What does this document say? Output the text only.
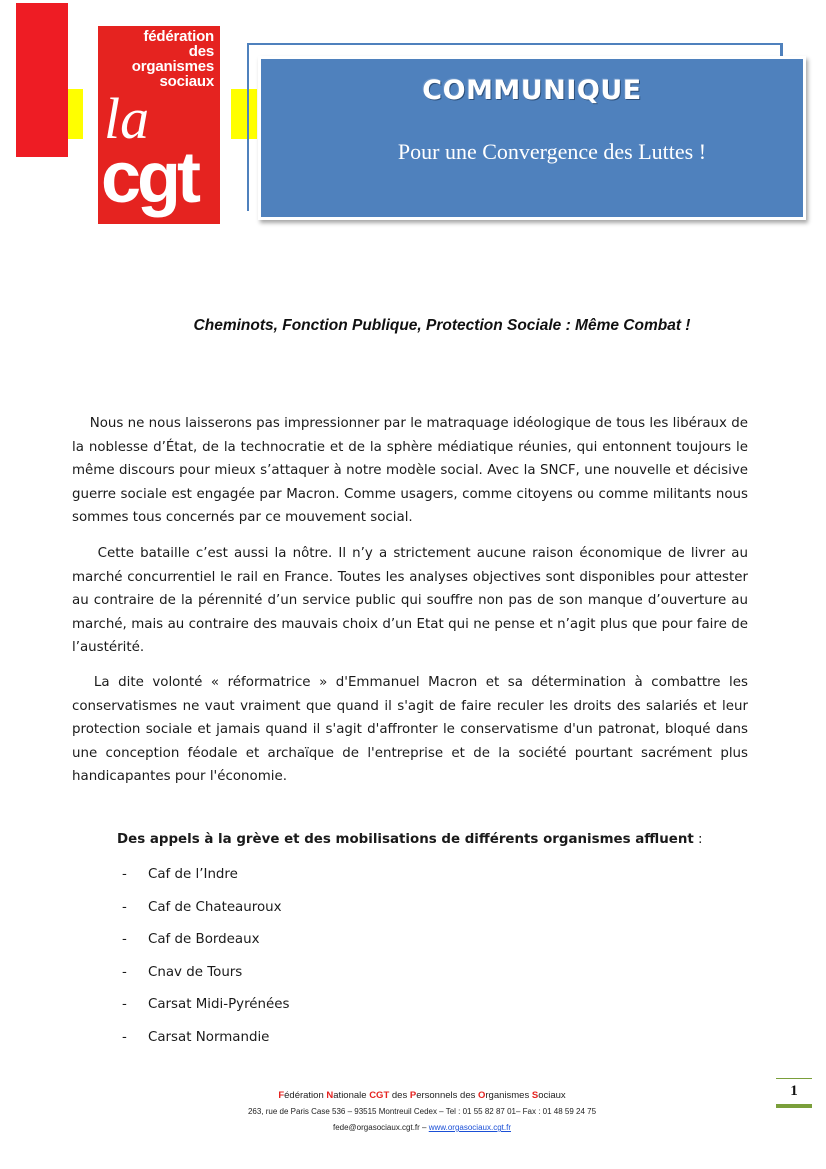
fédération
des
organismes
sociaux
la
cgt
COMMUNIQUE
Pour une Convergence des Luttes !
Cheminots, Fonction Publique, Protection Sociale : Même Combat !

  Nous ne nous laisserons pas impressionner par le matraquage idéologique de tous les libéraux de la noblesse d’État, de la technocratie et de la sphère médiatique réunies, qui entonnent toujours le même discours pour mieux s’attaquer à notre modèle social. Avec la SNCF, une nouvelle et décisive guerre sociale est engagée par Macron. Comme usagers, comme citoyens ou comme militants nous sommes tous concernés par ce mouvement social.

   Cette bataille c’est aussi la nôtre. Il n’y a strictement aucune raison économique de livrer au marché concurrentiel le rail en France. Toutes les analyses objectives sont disponibles pour attester au contraire de la pérennité d’un service public qui souffre non pas de son manque d’ouverture au marché, mais au contraire des mauvais choix d’un Etat qui ne pense et n’agit plus que pour faire de l’austérité.

  La dite volonté « réformatrice » d'Emmanuel Macron et sa détermination à combattre les conservatismes ne vaut vraiment que quand il s'agit de faire reculer les droits des salariés et leur protection sociale et jamais quand il s'agit d'affronter le conservatisme d'un patronat, bloqué dans une conception féodale et archaïque de l'entreprise et de la société pourtant sacrément plus handicapantes pour l'économie.

Des appels à la grève et des mobilisations de différents organismes affluent :
- Caf de l’Indre
- Caf de Chateauroux
- Caf de Bordeaux
- Cnav de Tours
- Carsat Midi-Pyrénées
- Carsat Normandie
Fédération Nationale CGT des Personnels des Organismes Sociaux
263, rue de Paris Case 536 – 93515 Montreuil Cedex – Tel : 01 55 82 87 01– Fax : 01 48 59 24 75
fede@orgasociaux.cgt.fr – www.orgasociaux.cgt.fr
1
